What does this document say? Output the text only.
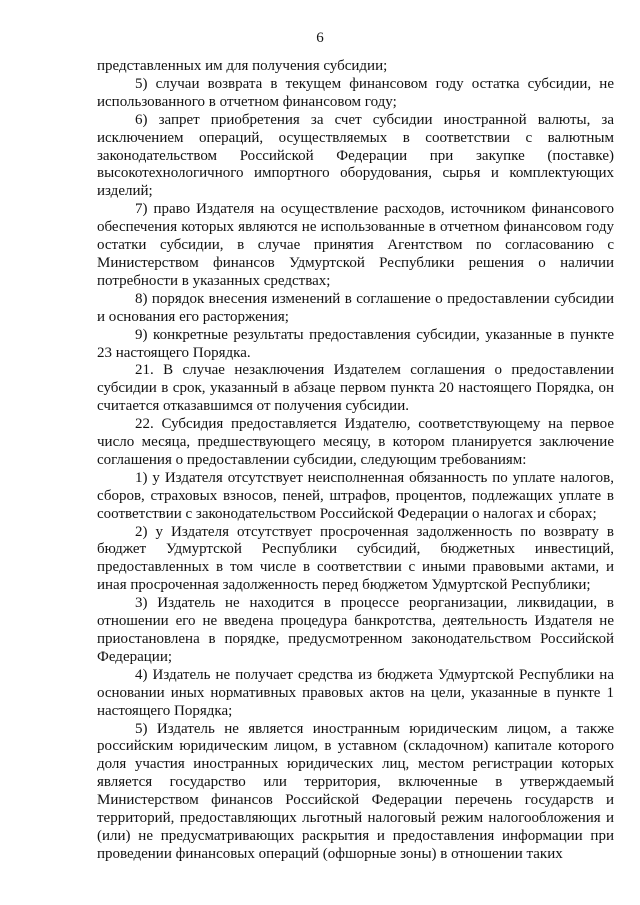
6

представленных им для получения субсидии;

5) случаи возврата в текущем финансовом году остатка субсидии, не использованного в отчетном финансовом году;

6) запрет приобретения за счет субсидии иностранной валюты, за исключением операций, осуществляемых в соответствии с валютным законодательством Российской Федерации при закупке (поставке) высокотехнологичного импортного оборудования, сырья и комплектующих изделий;

7) право Издателя на осуществление расходов, источником финансового обеспечения которых являются не использованные в отчетном финансовом году остатки субсидии, в случае принятия Агентством по согласованию с Министерством финансов Удмуртской Республики решения о наличии потребности в указанных средствах;

8) порядок внесения изменений в соглашение о предоставлении субсидии и основания его расторжения;

9) конкретные результаты предоставления субсидии, указанные в пункте 23 настоящего Порядка.

21. В случае незаключения Издателем соглашения о предоставлении субсидии в срок, указанный в абзаце первом пункта 20 настоящего Порядка, он считается отказавшимся от получения субсидии.

22. Субсидия предоставляется Издателю, соответствующему на первое число месяца, предшествующего месяцу, в котором планируется заключение соглашения о предоставлении субсидии, следующим требованиям:

1) у Издателя отсутствует неисполненная обязанность по уплате налогов, сборов, страховых взносов, пеней, штрафов, процентов, подлежащих уплате в соответствии с законодательством Российской Федерации о налогах и сборах;

2) у Издателя отсутствует просроченная задолженность по возврату в бюджет Удмуртской Республики субсидий, бюджетных инвестиций, предоставленных в том числе в соответствии с иными правовыми актами, и иная просроченная задолженность перед бюджетом Удмуртской Республики;

3) Издатель не находится в процессе реорганизации, ликвидации, в отношении его не введена процедура банкротства, деятельность Издателя не приостановлена в порядке, предусмотренном законодательством Российской Федерации;

4) Издатель не получает средства из бюджета Удмуртской Республики на основании иных нормативных правовых актов на цели, указанные в пункте 1 настоящего Порядка;

5) Издатель не является иностранным юридическим лицом, а также российским юридическим лицом, в уставном (складочном) капитале которого доля участия иностранных юридических лиц, местом регистрации которых является государство или территория, включенные в утверждаемый Министерством финансов Российской Федерации перечень государств и территорий, предоставляющих льготный налоговый режим налогообложения и (или) не предусматривающих раскрытия и предоставления информации при проведении финансовых операций (офшорные зоны) в отношении таких
